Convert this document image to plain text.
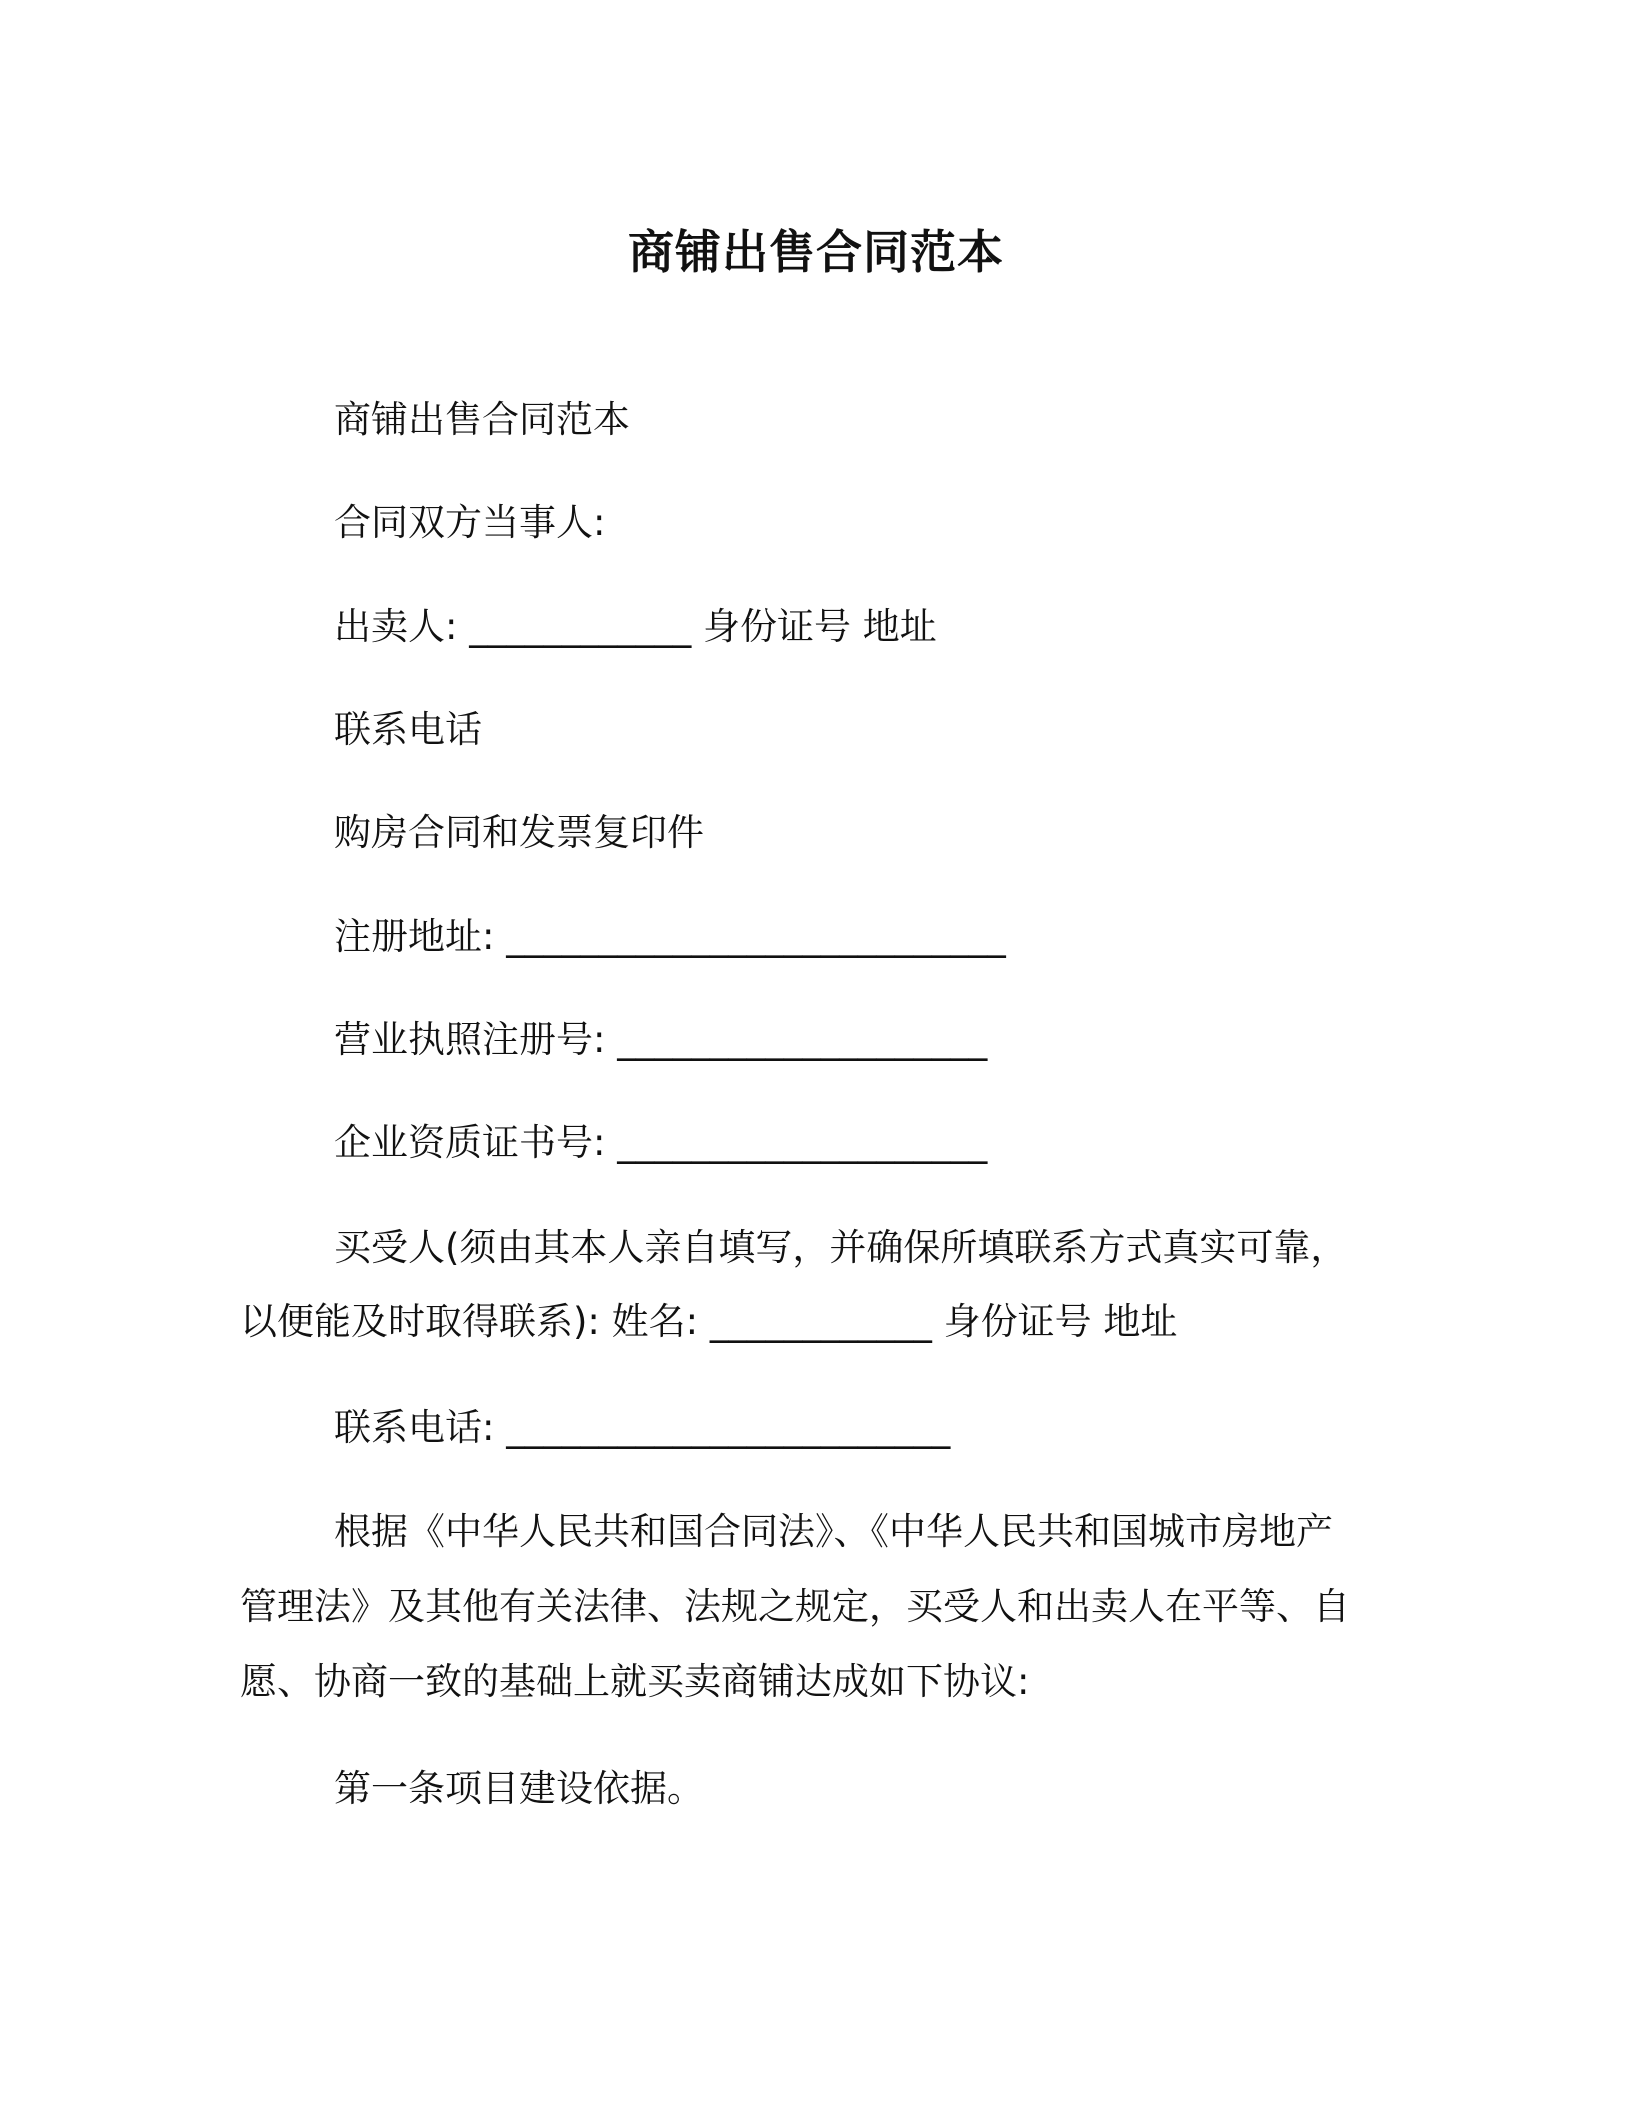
商铺出售合同范本
商铺出售合同范本
合同双方当事人:
出卖人: ____________ 身份证号 地址
联系电话
购房合同和发票复印件
注册地址: ___________________________
营业执照注册号: ____________________
企业资质证书号: ____________________
买受人(须由其本人亲自填写，并确保所填联系方式真实可靠，
以便能及时取得联系): 姓名: ____________ 身份证号 地址
联系电话: ________________________
根据《中华人民共和国合同法》、《中华人民共和国城市房地产
管理法》及其他有关法律、法规之规定，买受人和出卖人在平等、自
愿、协商一致的基础上就买卖商铺达成如下协议:
第一条项目建设依据。
